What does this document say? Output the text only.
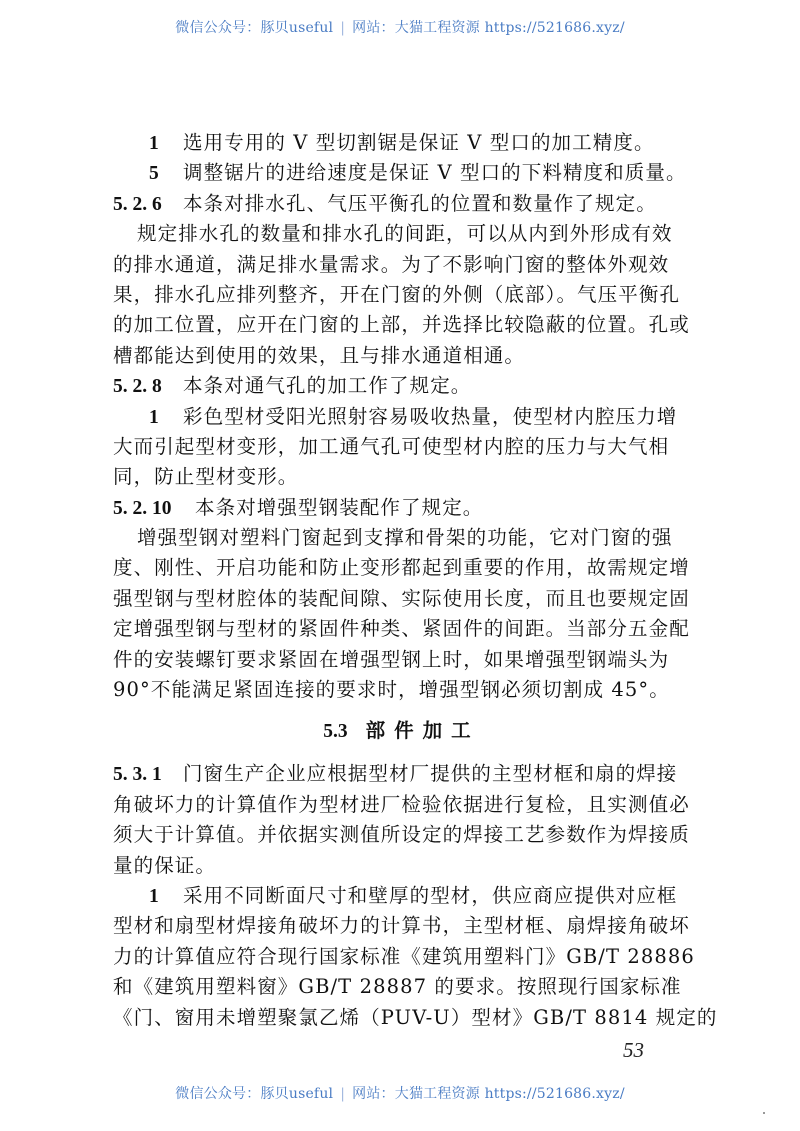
微信公众号：豚贝useful | 网站：大猫工程资源 https://521686.xyz/
1 选用专用的 V 型切割锯是保证 V 型口的加工精度。
5 调整锯片的进给速度是保证 V 型口的下料精度和质量。
5. 2. 6 本条对排水孔、气压平衡孔的位置和数量作了规定。
规定排水孔的数量和排水孔的间距，可以从内到外形成有效
的排水通道，满足排水量需求。为了不影响门窗的整体外观效
果，排水孔应排列整齐，开在门窗的外侧（底部）。气压平衡孔
的加工位置，应开在门窗的上部，并选择比较隐蔽的位置。孔或
槽都能达到使用的效果，且与排水通道相通。
5. 2. 8 本条对通气孔的加工作了规定。
1 彩色型材受阳光照射容易吸收热量，使型材内腔压力增
大而引起型材变形，加工通气孔可使型材内腔的压力与大气相
同，防止型材变形。
5. 2. 10 本条对增强型钢装配作了规定。
增强型钢对塑料门窗起到支撑和骨架的功能，它对门窗的强
度、刚性、开启功能和防止变形都起到重要的作用，故需规定增
强型钢与型材腔体的装配间隙、实际使用长度，而且也要规定固
定增强型钢与型材的紧固件种类、紧固件的间距。当部分五金配
件的安装螺钉要求紧固在增强型钢上时，如果增强型钢端头为
90°不能满足紧固连接的要求时，增强型钢必须切割成 45°。
5.3 部件加工
5. 3. 1 门窗生产企业应根据型材厂提供的主型材框和扇的焊接
角破坏力的计算值作为型材进厂检验依据进行复检，且实测值必
须大于计算值。并依据实测值所设定的焊接工艺参数作为焊接质
量的保证。
1 采用不同断面尺寸和壁厚的型材，供应商应提供对应框
型材和扇型材焊接角破坏力的计算书，主型材框、扇焊接角破坏
力的计算值应符合现行国家标准《建筑用塑料门》GB/T 28886
和《建筑用塑料窗》GB/T 28887 的要求。按照现行国家标准
《门、窗用未增塑聚氯乙烯（PUV-U）型材》GB/T 8814 规定的
53
微信公众号：豚贝useful | 网站：大猫工程资源 https://521686.xyz/
